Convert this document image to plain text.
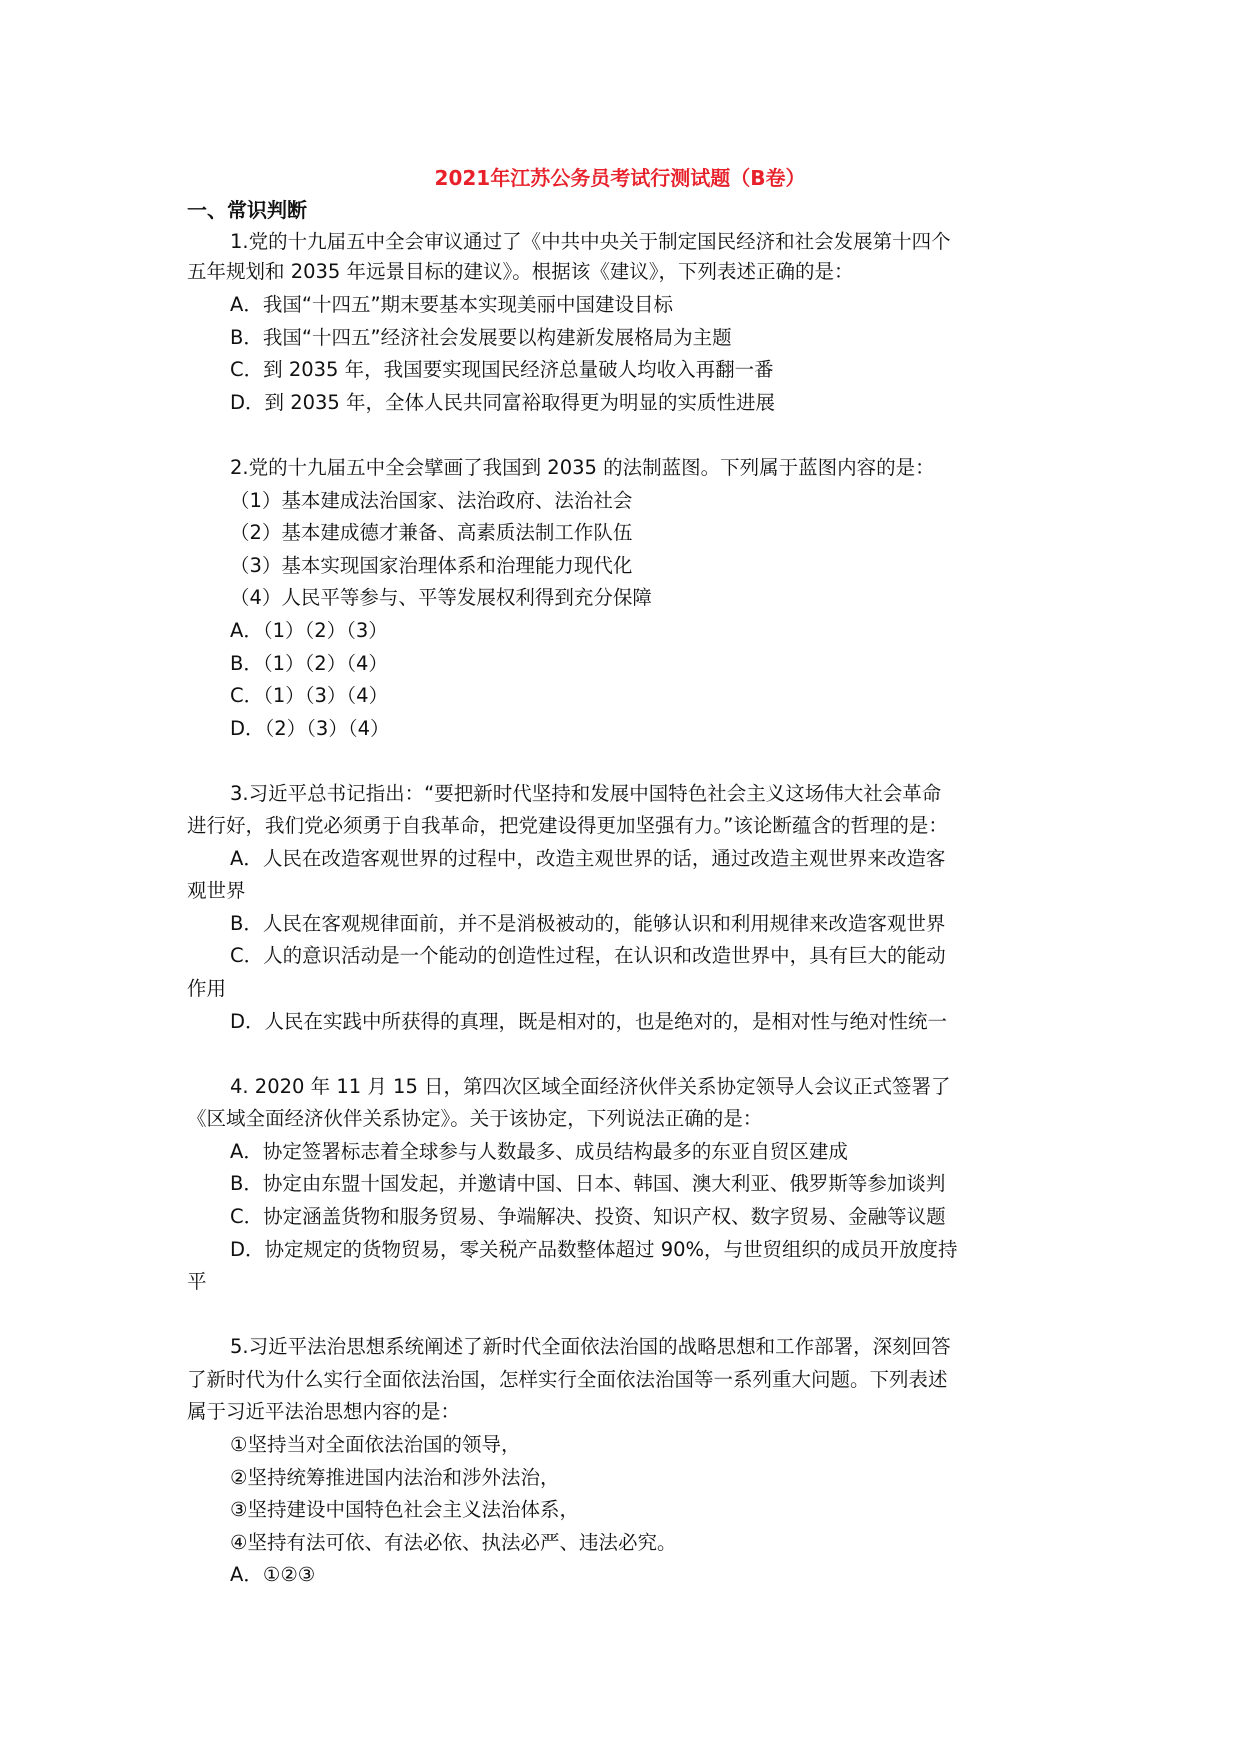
2021年江苏公务员考试行测试题（B卷）
一、常识判断
1.党的十九届五中全会审议通过了《中共中央关于制定国民经济和社会发展第十四个
五年规划和 2035 年远景目标的建议》。根据该《建议》，下列表述正确的是：
A．我国“十四五”期末要基本实现美丽中国建设目标
B．我国“十四五”经济社会发展要以构建新发展格局为主题
C．到 2035 年，我国要实现国民经济总量破人均收入再翻一番
D．到 2035 年，全体人民共同富裕取得更为明显的实质性进展
2.党的十九届五中全会擘画了我国到 2035 的法制蓝图。下列属于蓝图内容的是：
（1）基本建成法治国家、法治政府、法治社会
（2）基本建成德才兼备、高素质法制工作队伍
（3）基本实现国家治理体系和治理能力现代化
（4）人民平等参与、平等发展权利得到充分保障
A．（1）（2）（3）
B．（1）（2）（4）
C．（1）（3）（4）
D．（2）（3）（4）
3.习近平总书记指出：“要把新时代坚持和发展中国特色社会主义这场伟大社会革命
进行好，我们党必须勇于自我革命，把党建设得更加坚强有力。”该论断蕴含的哲理的是：
A．人民在改造客观世界的过程中，改造主观世界的话，通过改造主观世界来改造客
观世界
B．人民在客观规律面前，并不是消极被动的，能够认识和利用规律来改造客观世界
C．人的意识活动是一个能动的创造性过程，在认识和改造世界中，具有巨大的能动
作用
D．人民在实践中所获得的真理，既是相对的，也是绝对的，是相对性与绝对性统一
4. 2020 年 11 月 15 日，第四次区域全面经济伙伴关系协定领导人会议正式签署了
《区域全面经济伙伴关系协定》。关于该协定，下列说法正确的是：
A．协定签署标志着全球参与人数最多、成员结构最多的东亚自贸区建成
B．协定由东盟十国发起，并邀请中国、日本、韩国、澳大利亚、俄罗斯等参加谈判
C．协定涵盖货物和服务贸易、争端解决、投资、知识产权、数字贸易、金融等议题
D．协定规定的货物贸易，零关税产品数整体超过 90%，与世贸组织的成员开放度持
平
5.习近平法治思想系统阐述了新时代全面依法治国的战略思想和工作部署，深刻回答
了新时代为什么实行全面依法治国，怎样实行全面依法治国等一系列重大问题。下列表述
属于习近平法治思想内容的是：
①坚持当对全面依法治国的领导，
②坚持统筹推进国内法治和涉外法治，
③坚持建设中国特色社会主义法治体系，
④坚持有法可依、有法必依、执法必严、违法必究。
A．①②③
